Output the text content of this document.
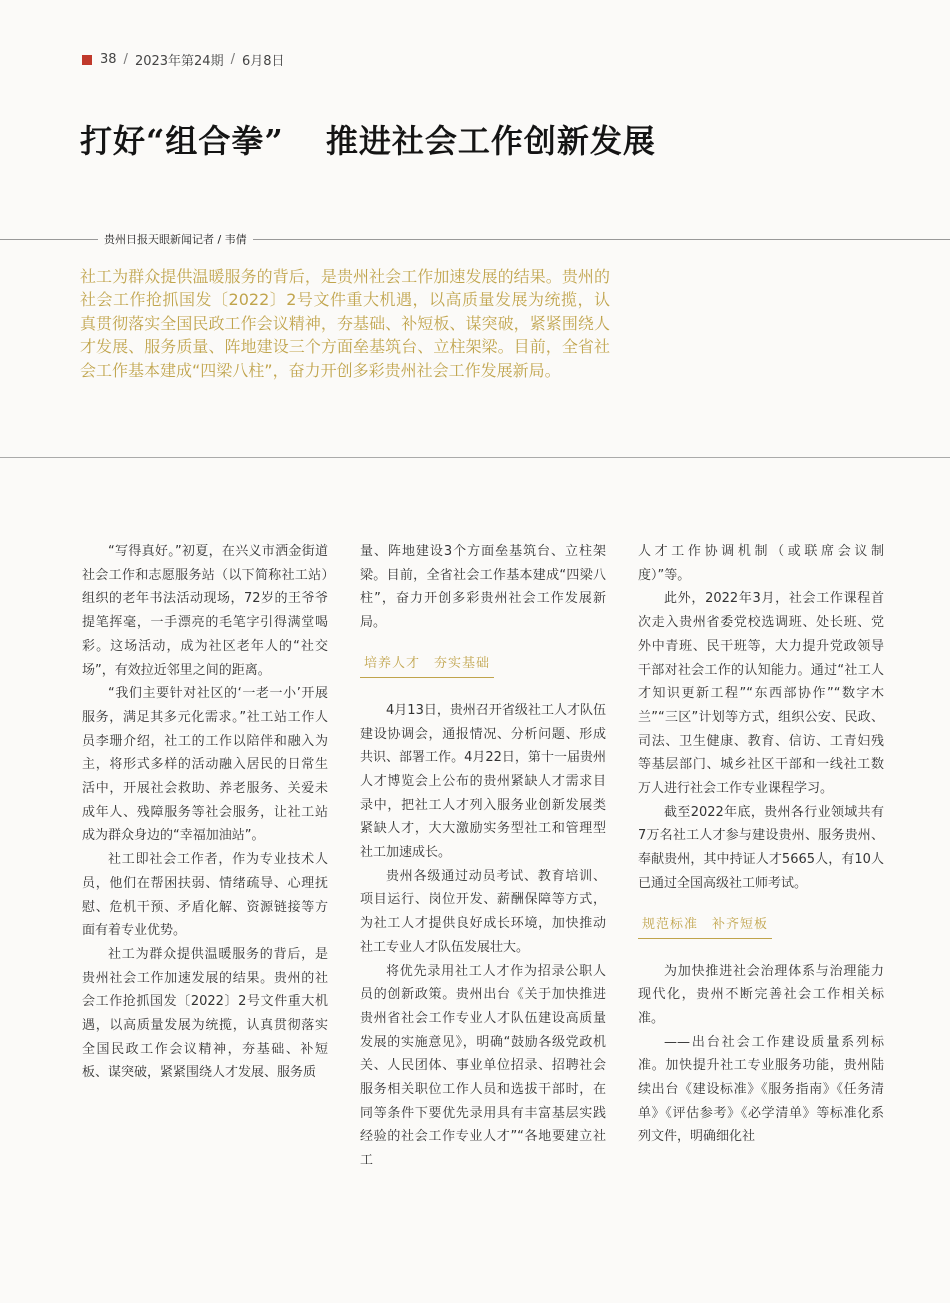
38 / 2023年第24期 / 6月8日
打好“组合拳” 推进社会工作创新发展
贵州日报天眼新闻记者 / 韦倩

社工为群众提供温暖服务的背后，是贵州社会工作加速发展的结果。贵州的社会工作抢抓国发〔2022〕2号文件重大机遇，以高质量发展为统揽，认真贯彻落实全国民政工作会议精神，夯基础、补短板、谋突破，紧紧围绕人才发展、服务质量、阵地建设三个方面垒基筑台、立柱架梁。目前，全省社会工作基本建成“四梁八柱”，奋力开创多彩贵州社会工作发展新局。

“写得真好。”初夏，在兴义市洒金街道社会工作和志愿服务站（以下简称社工站）组织的老年书法活动现场，72岁的王爷爷提笔挥毫，一手漂亮的毛笔字引得满堂喝彩。这场活动，成为社区老年人的“社交场”，有效拉近邻里之间的距离。

“我们主要针对社区的‘一老一小’开展服务，满足其多元化需求。”社工站工作人员李珊介绍，社工的工作以陪伴和融入为主，将形式多样的活动融入居民的日常生活中，开展社会救助、养老服务、关爱未成年人、残障服务等社会服务，让社工站成为群众身边的“幸福加油站”。

社工即社会工作者，作为专业技术人员，他们在帮困扶弱、情绪疏导、心理抚慰、危机干预、矛盾化解、资源链接等方面有着专业优势。

社工为群众提供温暖服务的背后，是贵州社会工作加速发展的结果。贵州的社会工作抢抓国发〔2022〕2号文件重大机遇，以高质量发展为统揽，认真贯彻落实全国民政工作会议精神，夯基础、补短板、谋突破，紧紧围绕人才发展、服务质

量、阵地建设3个方面垒基筑台、立柱架梁。目前，全省社会工作基本建成“四梁八柱”，奋力开创多彩贵州社会工作发展新局。

培养人才　夯实基础

4月13日，贵州召开省级社工人才队伍建设协调会，通报情况、分析问题、形成共识、部署工作。4月22日，第十一届贵州人才博览会上公布的贵州紧缺人才需求目录中，把社工人才列入服务业创新发展类紧缺人才，大大激励实务型社工和管理型社工加速成长。

贵州各级通过动员考试、教育培训、项目运行、岗位开发、薪酬保障等方式，为社工人才提供良好成长环境，加快推动社工专业人才队伍发展壮大。

将优先录用社工人才作为招录公职人员的创新政策。贵州出台《关于加快推进贵州省社会工作专业人才队伍建设高质量发展的实施意见》，明确“鼓励各级党政机关、人民团体、事业单位招录、招聘社会服务相关职位工作人员和选拔干部时，在同等条件下要优先录用具有丰富基层实践经验的社会工作专业人才”“各地要建立社工

人才工作协调机制（或联席会议制度）”等。

此外，2022年3月，社会工作课程首次走入贵州省委党校选调班、处长班、党外中青班、民干班等，大力提升党政领导干部对社会工作的认知能力。通过“社工人才知识更新工程”“东西部协作”“数字木兰”“三区”计划等方式，组织公安、民政、司法、卫生健康、教育、信访、工青妇残等基层部门、城乡社区干部和一线社工数万人进行社会工作专业课程学习。

截至2022年底，贵州各行业领域共有7万名社工人才参与建设贵州、服务贵州、奉献贵州，其中持证人才5665人，有10人已通过全国高级社工师考试。

规范标准　补齐短板

为加快推进社会治理体系与治理能力现代化，贵州不断完善社会工作相关标准。

——出台社会工作建设质量系列标准。加快提升社工专业服务功能，贵州陆续出台《建设标准》《服务指南》《任务清单》《评估参考》《必学清单》等标准化系列文件，明确细化社
